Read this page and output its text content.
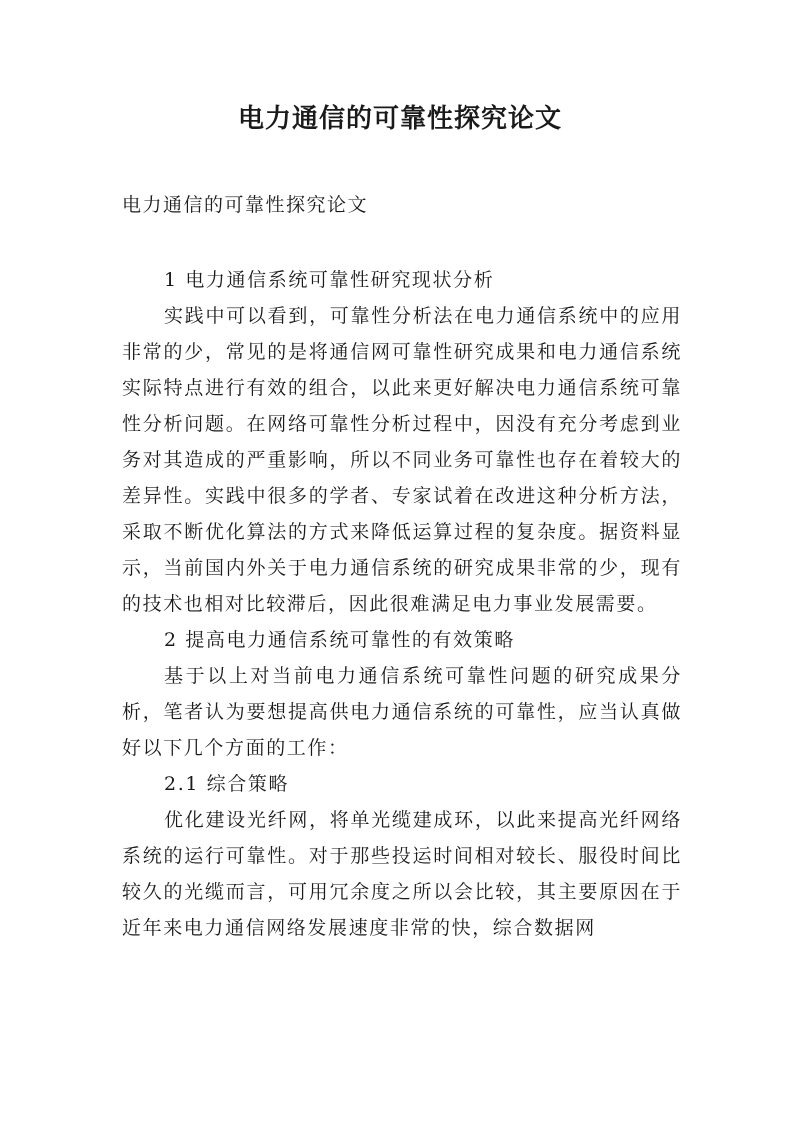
电力通信的可靠性探究论文

电力通信的可靠性探究论文

1 电力通信系统可靠性研究现状分析

实践中可以看到，可靠性分析法在电力通信系统中的应用非常的少，常见的是将通信网可靠性研究成果和电力通信系统实际特点进行有效的组合，以此来更好解决电力通信系统可靠性分析问题。在网络可靠性分析过程中，因没有充分考虑到业务对其造成的严重影响，所以不同业务可靠性也存在着较大的差异性。实践中很多的学者、专家试着在改进这种分析方法，采取不断优化算法的方式来降低运算过程的复杂度。据资料显示，当前国内外关于电力通信系统的研究成果非常的少，现有的技术也相对比较滞后，因此很难满足电力事业发展需要。

2 提高电力通信系统可靠性的有效策略

基于以上对当前电力通信系统可靠性问题的研究成果分析，笔者认为要想提高供电力通信系统的可靠性，应当认真做好以下几个方面的工作：

2.1 综合策略

优化建设光纤网，将单光缆建成环，以此来提高光纤网络系统的运行可靠性。对于那些投运时间相对较长、服役时间比较久的光缆而言，可用冗余度之所以会比较，其主要原因在于近年来电力通信网络发展速度非常的快，综合数据网
